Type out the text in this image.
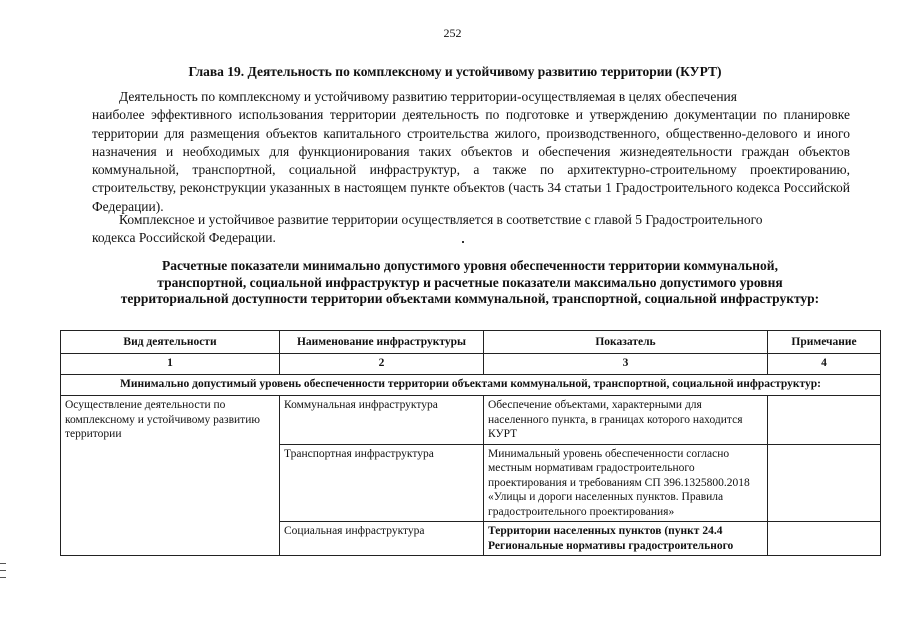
252
Глава 19. Деятельность по комплексному и устойчивому развитию территории (КУРТ)
Деятельность по комплексному и устойчивому развитию территории-осуществляемая в целях обеспечения
наиболее эффективного использования территории деятельность по подготовке и утверждению документации по планировке территории для размещения объектов капитального строительства жилого, производственного, общественно-делового и иного назначения и необходимых для функционирования таких объектов и обеспечения жизнедеятельности граждан объектов коммунальной, транспортной, социальной инфраструктур, а также по архитектурно-строительному проектированию, строительству, реконструкции указанных в настоящем пункте объектов (часть 34 статьи 1 Градостроительного кодекса Российской Федерации).
Комплексное и устойчивое развитие территории осуществляется в соответствие с главой 5 Градостроительного
кодекса Российской Федерации.
Расчетные показатели минимально допустимого уровня обеспеченности территории коммунальной, транспортной, социальной инфраструктур и расчетные показатели максимально допустимого уровня территориальной доступности территории объектами коммунальной, транспортной, социальной инфраструктур:
Вид деятельности	Наименование инфраструктуры	Показатель	Примечание
1	2	3	4
Минимально допустимый уровень обеспеченности территории объектами коммунальной, транспортной, социальной инфраструктур:			
Осуществление деятельности по комплексному и устойчивому развитию территории	Коммунальная инфраструктура	Обеспечение объектами, характерными для населенного пункта, в границах которого находится КУРТ	
	Транспортная инфраструктура	Минимальный уровень обеспеченности согласно местным нормативам градостроительного проектирования и требованиям СП 396.1325800.2018 «Улицы и дороги населенных пунктов. Правила градостроительного проектирования»	
	Социальная инфраструктура	Территории населенных пунктов (пункт 24.4 Региональные нормативы градостроительного	
